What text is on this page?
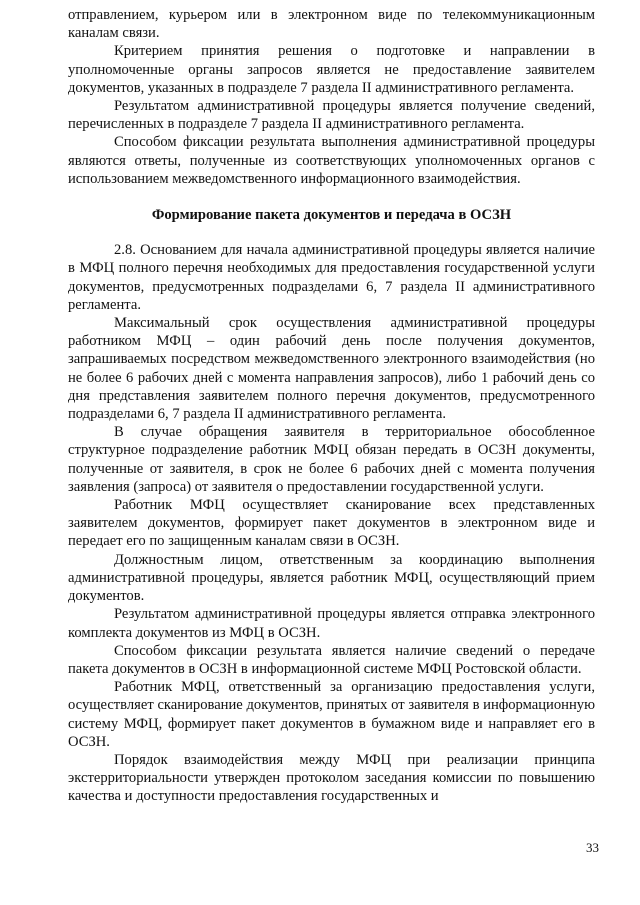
отправлением, курьером или в электронном виде по телекоммуникационным каналам связи.

Критерием принятия решения о подготовке и направлении в уполномоченные органы запросов является не предоставление заявителем документов, указанных в подразделе 7 раздела II административного регламента.

Результатом административной процедуры является получение сведений, перечисленных в подразделе 7 раздела II административного регламента.

Способом фиксации результата выполнения административной процедуры являются ответы, полученные из соответствующих уполномоченных органов с использованием межведомственного информационного взаимодействия.

Формирование пакета документов и передача в ОСЗН

2.8. Основанием для начала административной процедуры является наличие в МФЦ полного перечня необходимых для предоставления государственной услуги документов, предусмотренных подразделами 6, 7 раздела II административного регламента.

Максимальный срок осуществления административной процедуры работником МФЦ – один рабочий день после получения документов, запрашиваемых посредством межведомственного электронного взаимодействия (но не более 6 рабочих дней с момента направления запросов), либо 1 рабочий день со дня представления заявителем полного перечня документов, предусмотренного подразделами 6, 7 раздела II административного регламента.

В случае обращения заявителя в территориальное обособленное структурное подразделение работник МФЦ обязан передать в ОСЗН документы, полученные от заявителя, в срок не более 6 рабочих дней с момента получения заявления (запроса) от заявителя о предоставлении государственной услуги.

Работник МФЦ осуществляет сканирование всех представленных заявителем документов, формирует пакет документов в электронном виде и передает его по защищенным каналам связи в ОСЗН.

Должностным лицом, ответственным за координацию выполнения административной процедуры, является работник МФЦ, осуществляющий прием документов.

Результатом административной процедуры является отправка электронного комплекта документов из МФЦ в ОСЗН.

Способом фиксации результата является наличие сведений о передаче пакета документов в ОСЗН в информационной системе МФЦ Ростовской области.

Работник МФЦ, ответственный за организацию предоставления услуги, осуществляет сканирование документов, принятых от заявителя в информационную систему МФЦ, формирует пакет документов в бумажном виде и направляет его в ОСЗН.

Порядок взаимодействия между МФЦ при реализации принципа экстерриториальности утвержден протоколом заседания комиссии по повышению качества и доступности предоставления государственных и

33
